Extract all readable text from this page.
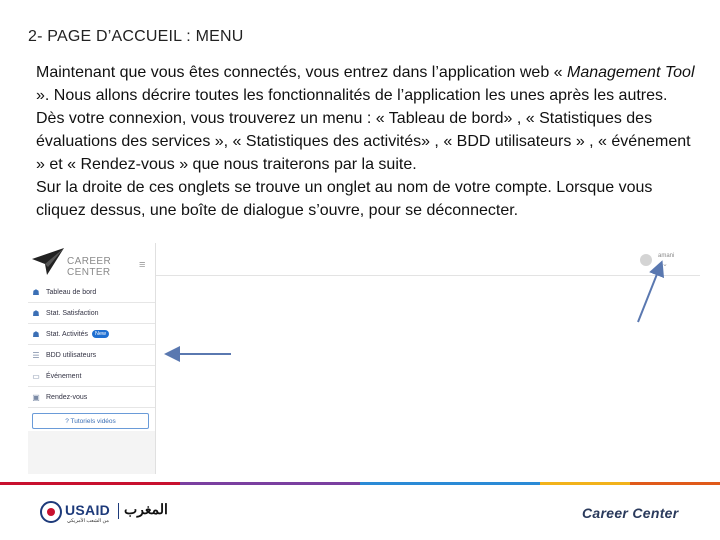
2- PAGE D’ACCUEIL : MENU

Maintenant que vous êtes connectés, vous entrez dans l’application web « Management Tool ». Nous allons décrire toutes les fonctionnalités de l’application les unes après les autres.

Dès votre connexion, vous trouverez un menu : « Tableau de bord» , « Statistiques des évaluations des services », « Statistiques des activités» , « BDD utilisateurs » , « événement » et « Rendez-vous » que nous traiterons par la suite.

Sur la droite de ces onglets se trouve un onglet au nom de votre compte. Lorsque vous cliquez dessus, une boîte de dialogue s’ouvre, pour se déconnecter.

CAREER
CENTER
≡
☗ Tableau de bord
☗ Stat. Satisfaction
☗ Stat. Activités	New
☰ BDD utilisateurs
▭ Événement
▣ Rendez-vous
? Tutoriels vidéos
amani
⌄
USAID المغرب
من الشعب الأمريكي	Career Center
